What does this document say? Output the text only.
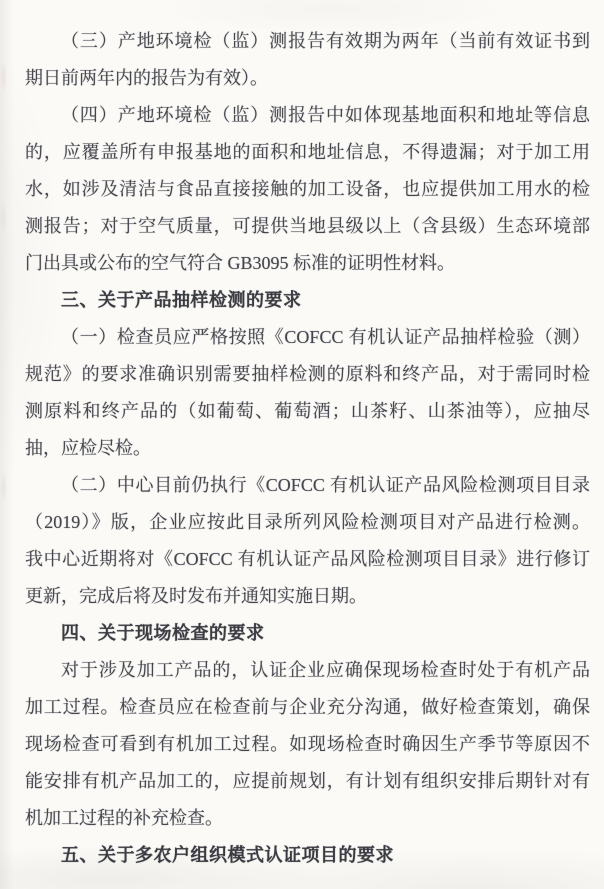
（三）产地环境检（监）测报告有效期为两年（当前有效证书到
期日前两年内的报告为有效）。
（四）产地环境检（监）测报告中如体现基地面积和地址等信息
的，应覆盖所有申报基地的面积和地址信息，不得遗漏；对于加工用
水，如涉及清洁与食品直接接触的加工设备，也应提供加工用水的检
测报告；对于空气质量，可提供当地县级以上（含县级）生态环境部
门出具或公布的空气符合 GB3095 标准的证明性材料。
三、关于产品抽样检测的要求
（一）检查员应严格按照《COFCC 有机认证产品抽样检验（测）
规范》的要求准确识别需要抽样检测的原料和终产品，对于需同时检
测原料和终产品的（如葡萄、葡萄酒；山茶籽、山茶油等），应抽尽
抽，应检尽检。
（二）中心目前仍执行《COFCC 有机认证产品风险检测项目目录
（2019）》版，企业应按此目录所列风险检测项目对产品进行检测。
我中心近期将对《COFCC 有机认证产品风险检测项目目录》进行修订
更新，完成后将及时发布并通知实施日期。
四、关于现场检查的要求
对于涉及加工产品的，认证企业应确保现场检查时处于有机产品
加工过程。检查员应在检查前与企业充分沟通，做好检查策划，确保
现场检查可看到有机加工过程。如现场检查时确因生产季节等原因不
能安排有机产品加工的，应提前规划，有计划有组织安排后期针对有
机加工过程的补充检查。
五、关于多农户组织模式认证项目的要求
